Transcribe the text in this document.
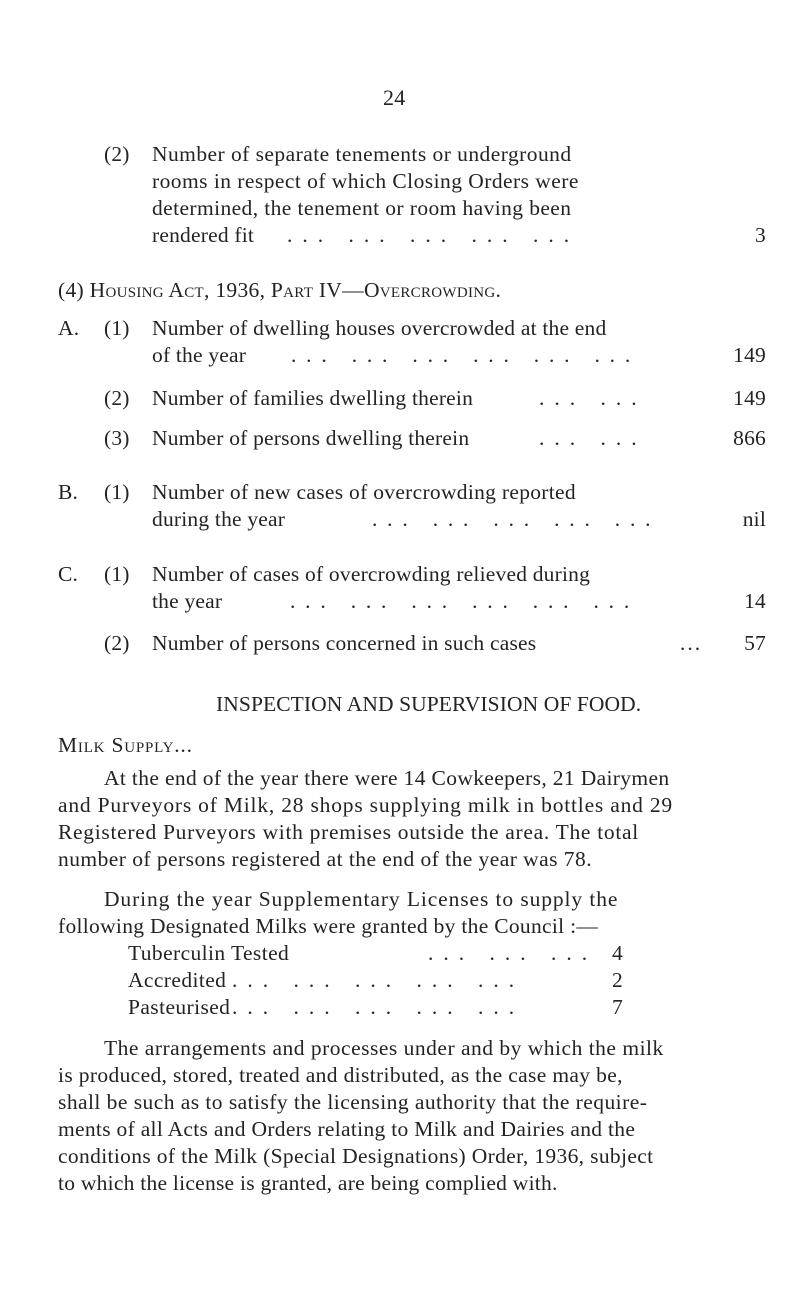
24
(2) Number of separate tenements or underground
rooms in respect of which Closing Orders were
determined, the tenement or room having been
rendered fit ... ... ... ... ...	3
(4) Housing Act, 1936, Part IV—Overcrowding.
A. (1) Number of dwelling houses overcrowded at the end
of the year ... ... ... ... ... ...	149
(2) Number of families dwelling therein	... ...	149
(3) Number of persons dwelling therein	... ...	866
B. (1) Number of new cases of overcrowding reported
during the year	... ... ... ... ...	nil
C. (1) Number of cases of overcrowding relieved during
the year	... ... ... ... ... ...	14
(2) Number of persons concerned in such cases	... 57
INSPECTION AND SUPERVISION OF FOOD.
Milk Supply...
At the end of the year there were 14 Cowkeepers, 21 Dairymen
and Purveyors of Milk, 28 shops supplying milk in bottles and 29
Registered Purveyors with premises outside the area. The total
number of persons registered at the end of the year was 78.
During the year Supplementary Licenses to supply the
following Designated Milks were granted by the Council :—
Tuberculin Tested	... ... ... 4
Accredited ... ... ... ... ...	2
Pasteurised ... ... ... ... ...	7
The arrangements and processes under and by which the milk
is produced, stored, treated and distributed, as the case may be,
shall be such as to satisfy the licensing authority that the require-
ments of all Acts and Orders relating to Milk and Dairies and the
conditions of the Milk (Special Designations) Order, 1936, subject
to which the license is granted, are being complied with.
